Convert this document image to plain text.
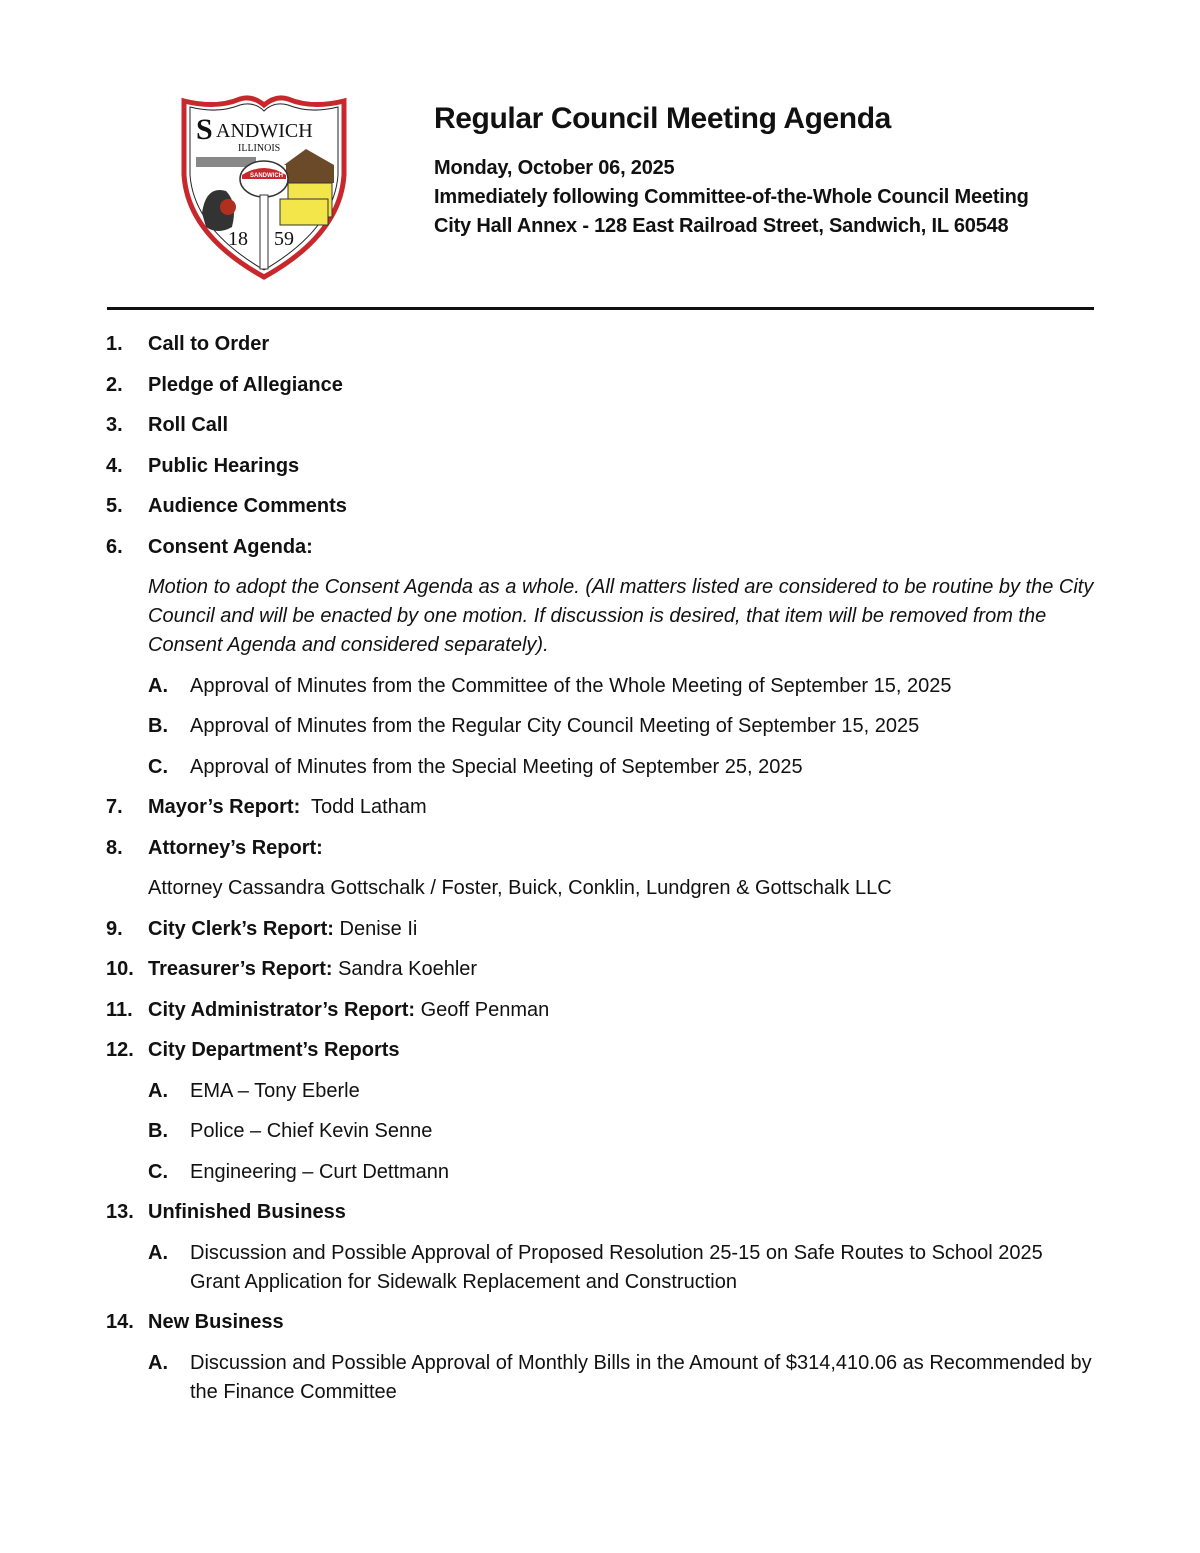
S ANDWICH
ILLINOIS
SANDWICH
18 59
Regular Council Meeting Agenda
Monday, October 06, 2025
Immediately following Committee-of-the-Whole Council Meeting
City Hall Annex - 128 East Railroad Street, Sandwich, IL 60548
1.	Call to Order
2.	Pledge of Allegiance
3.	Roll Call
4.	Public Hearings
5.	Audience Comments
6.	Consent Agenda:
Motion to adopt the Consent Agenda as a whole. (All matters listed are considered to be routine by the City Council and will be enacted by one motion. If discussion is desired, that item will be removed from the Consent Agenda and considered separately).
A.	Approval of Minutes from the Committee of the Whole Meeting of September 15, 2025
B.	Approval of Minutes from the Regular City Council Meeting of September 15, 2025
C.	Approval of Minutes from the Special Meeting of September 25, 2025
7.	Mayor’s Report:  Todd Latham
8.	Attorney’s Report:
Attorney Cassandra Gottschalk / Foster, Buick, Conklin, Lundgren & Gottschalk LLC
9.	City Clerk’s Report: Denise Ii
10. Treasurer’s Report: Sandra Koehler
11. City Administrator’s Report: Geoff Penman
12. City Department’s Reports
A.	EMA – Tony Eberle
B.	Police – Chief Kevin Senne
C.	Engineering – Curt Dettmann
13. Unfinished Business
A.	Discussion and Possible Approval of Proposed Resolution 25-15 on Safe Routes to School 2025 Grant Application for Sidewalk Replacement and Construction
14. New Business
A.	Discussion and Possible Approval of Monthly Bills in the Amount of $314,410.06 as Recommended by the Finance Committee
